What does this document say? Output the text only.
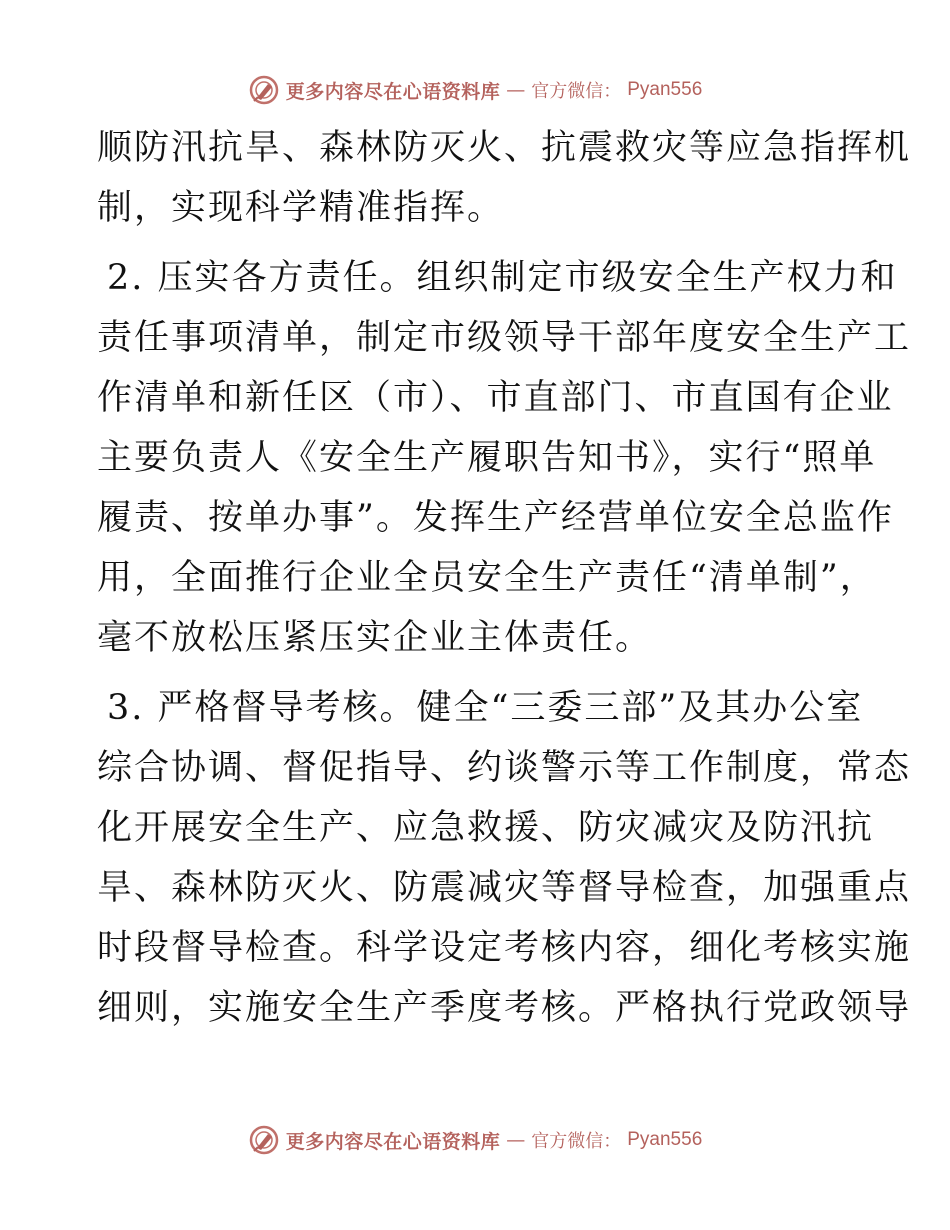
更多内容尽在心语资料库 — 官方微信： Pyan556
顺防汛抗旱、森林防灭火、抗震救灾等应急指挥机
制，实现科学精准指挥。
2. 压实各方责任。组织制定市级安全生产权力和
责任事项清单，制定市级领导干部年度安全生产工
作清单和新任区（市）、市直部门、市直国有企业
主要负责人《安全生产履职告知书》，实行“照单
履责、按单办事”。发挥生产经营单位安全总监作
用，全面推行企业全员安全生产责任“清单制”，
毫不放松压紧压实企业主体责任。
3. 严格督导考核。健全“三委三部”及其办公室
综合协调、督促指导、约谈警示等工作制度，常态
化开展安全生产、应急救援、防灾减灾及防汛抗
旱、森林防灭火、防震减灾等督导检查，加强重点
时段督导检查。科学设定考核内容，细化考核实施
细则，实施安全生产季度考核。严格执行党政领导
更多内容尽在心语资料库 — 官方微信： Pyan556
